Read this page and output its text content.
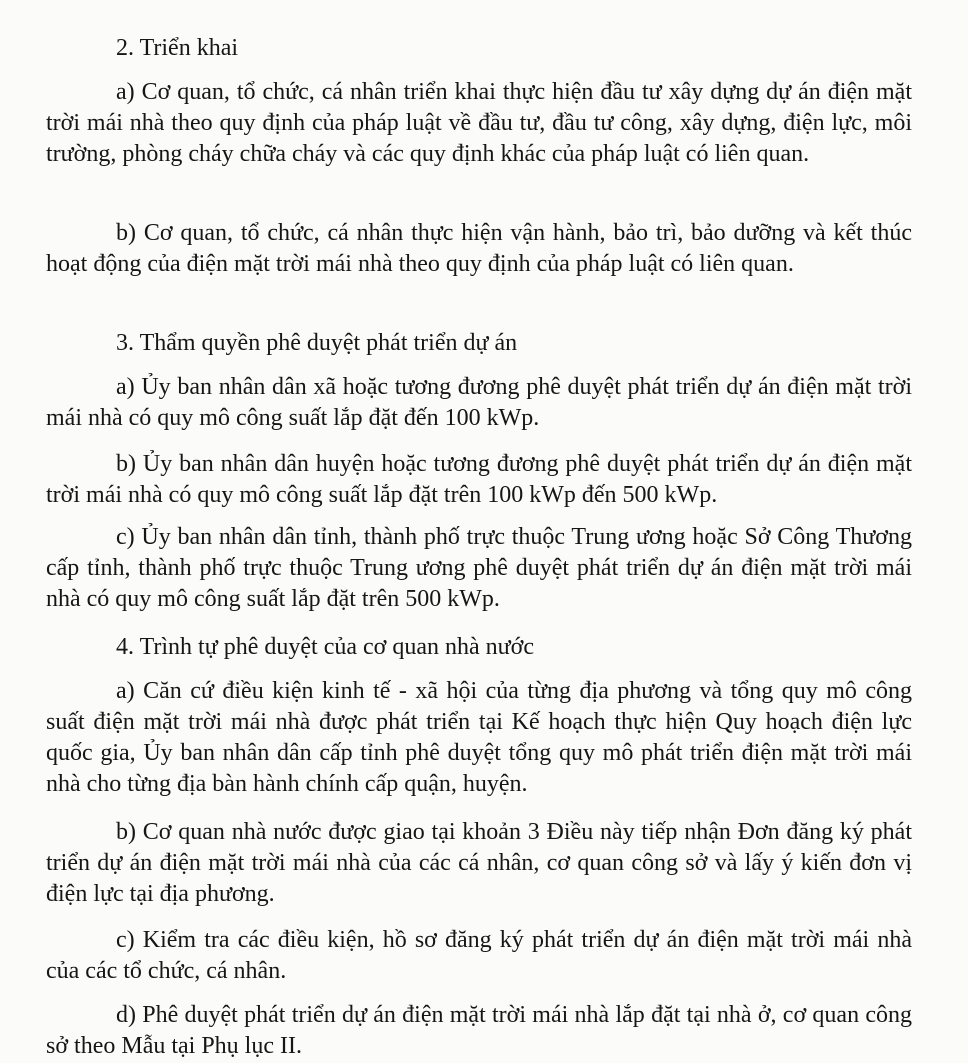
2. Triển khai

a) Cơ quan, tổ chức, cá nhân triển khai thực hiện đầu tư xây dựng dự án điện mặt trời mái nhà theo quy định của pháp luật về đầu tư, đầu tư công, xây dựng, điện lực, môi trường, phòng cháy chữa cháy và các quy định khác của pháp luật có liên quan.

b) Cơ quan, tổ chức, cá nhân thực hiện vận hành, bảo trì, bảo dưỡng và kết thúc hoạt động của điện mặt trời mái nhà theo quy định của pháp luật có liên quan.

3. Thẩm quyền phê duyệt phát triển dự án

a) Ủy ban nhân dân xã hoặc tương đương phê duyệt phát triển dự án điện mặt trời mái nhà có quy mô công suất lắp đặt đến 100 kWp.

b) Ủy ban nhân dân huyện hoặc tương đương phê duyệt phát triển dự án điện mặt trời mái nhà có quy mô công suất lắp đặt trên 100 kWp đến 500 kWp.

c) Ủy ban nhân dân tỉnh, thành phố trực thuộc Trung ương hoặc Sở Công Thương cấp tỉnh, thành phố trực thuộc Trung ương phê duyệt phát triển dự án điện mặt trời mái nhà có quy mô công suất lắp đặt trên 500 kWp.

4. Trình tự phê duyệt của cơ quan nhà nước

a) Căn cứ điều kiện kinh tế - xã hội của từng địa phương và tổng quy mô công suất điện mặt trời mái nhà được phát triển tại Kế hoạch thực hiện Quy hoạch điện lực quốc gia, Ủy ban nhân dân cấp tỉnh phê duyệt tổng quy mô phát triển điện mặt trời mái nhà cho từng địa bàn hành chính cấp quận, huyện.

b) Cơ quan nhà nước được giao tại khoản 3 Điều này tiếp nhận Đơn đăng ký phát triển dự án điện mặt trời mái nhà của các cá nhân, cơ quan công sở và lấy ý kiến đơn vị điện lực tại địa phương.

c) Kiểm tra các điều kiện, hồ sơ đăng ký phát triển dự án điện mặt trời mái nhà của các tổ chức, cá nhân.

d) Phê duyệt phát triển dự án điện mặt trời mái nhà lắp đặt tại nhà ở, cơ quan công sở theo Mẫu tại Phụ lục II.
